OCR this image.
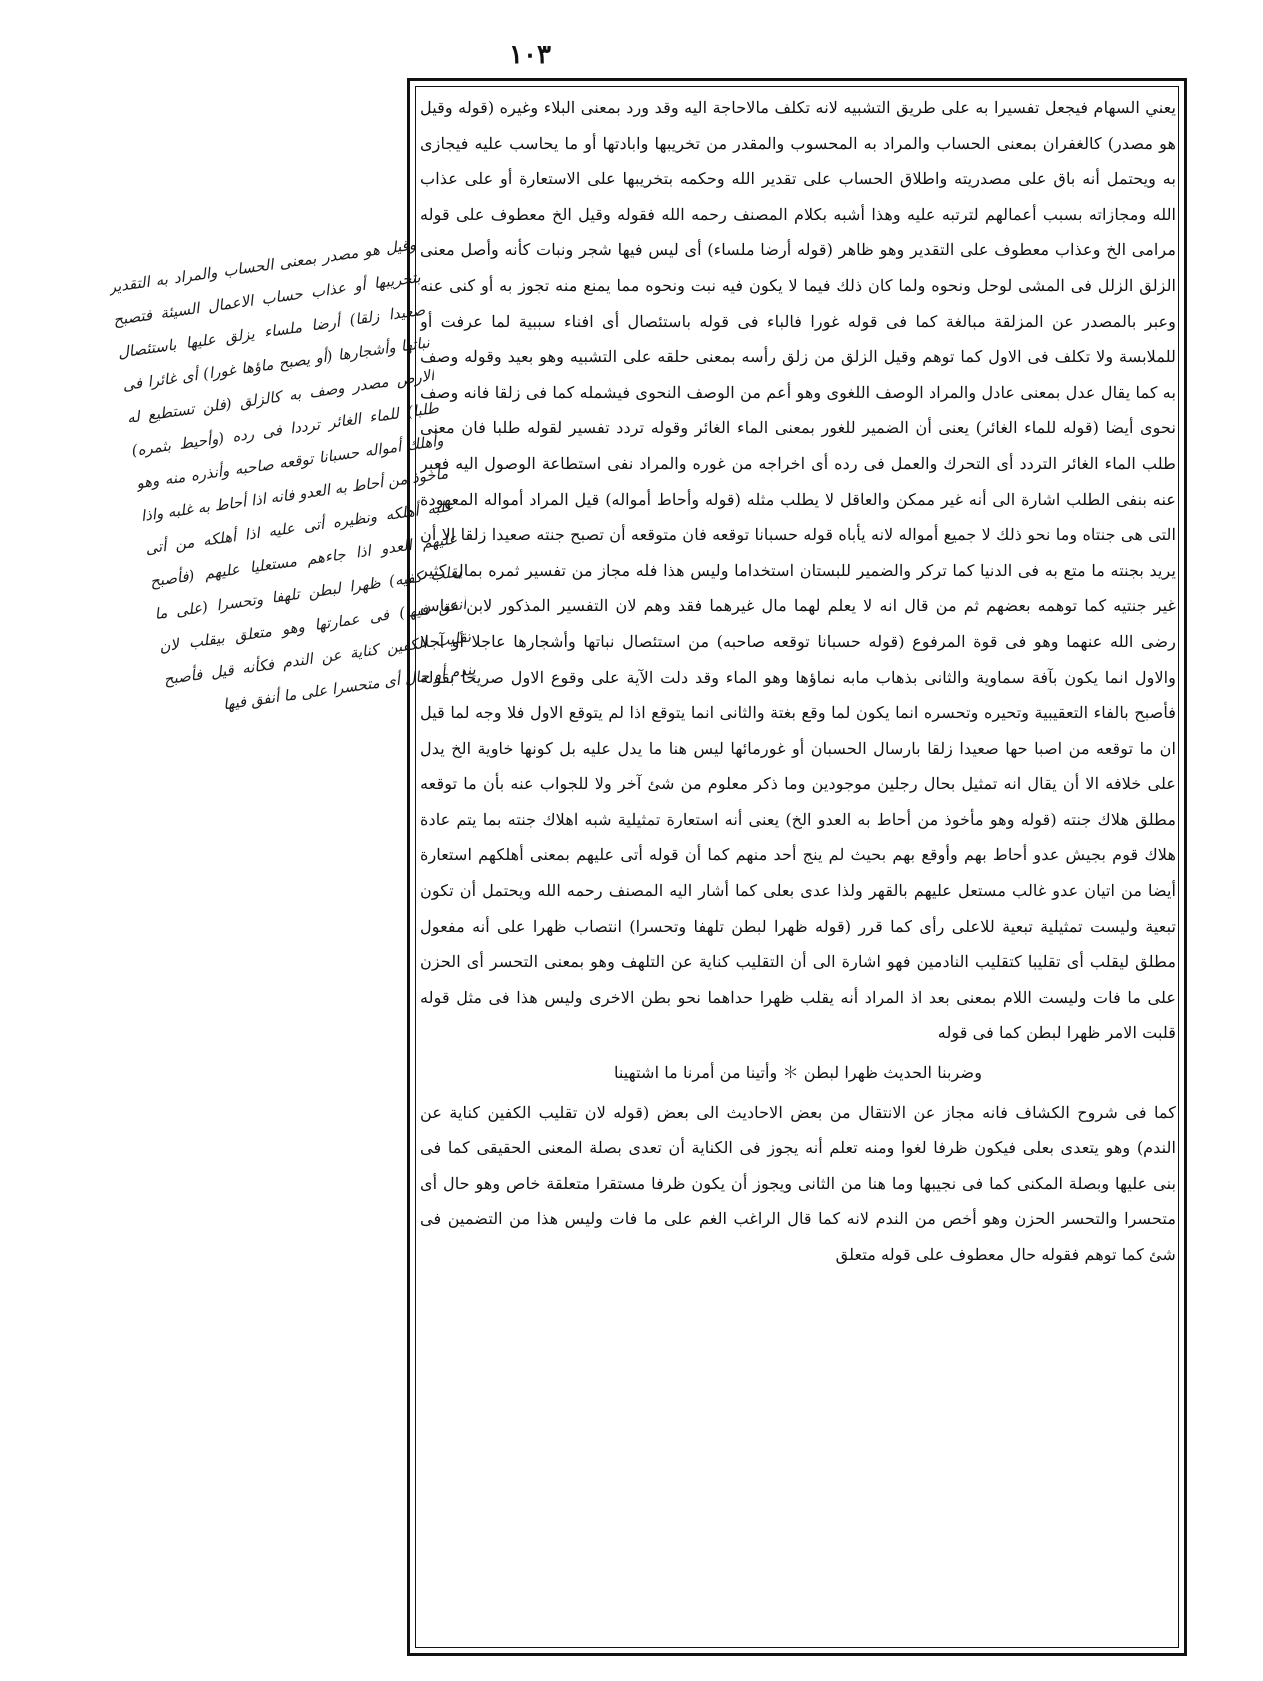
١٠٣

وقيل هو مصدر بمعنى الحساب والمراد به التقدير بتخريبها أو عذاب حساب الاعمال السيئة فتصبح صعيدا زلقا) أرضا ملساء يزلق عليها باستئصال نباتها وأشجارها (أو يصبح ماؤها غورا) أى غائرا فى الارض مصدر وصف به كالزلق (فلن تستطيع له طلبا) للماء الغائر ترددا فى رده (وأحيط بثمره) وأهلك أمواله حسبانا توقعه صاحبه وأنذره منه وهو مأخوذ من أحاط به العدو فانه اذا أحاط به غلبه واذا غلبه أهلكه ونظيره أتى عليه اذا أهلكه من أتى عليهم العدو اذا جاءهم مستعليا عليهم (فأصبح يقلب كفيه) ظهرا لبطن تلهفا وتحسرا (على ما أنفق فيها) فى عمارتها وهو متعلق بيقلب لان تقليب الكفين كناية عن الندم فكأنه قيل فأصبح يندم أو حال أى متحسرا على ما أنفق فيها

يعني السهام فيجعل تفسيرا به على طريق التشبيه لانه تكلف مالاحاجة اليه وقد ورد بمعنى البلاء وغيره (قوله وقيل هو مصدر) كالغفران بمعنى الحساب والمراد به المحسوب والمقدر من تخريبها وابادتها أو ما يحاسب عليه فيجازى به ويحتمل أنه باق على مصدريته واطلاق الحساب على تقدير الله وحكمه بتخريبها على الاستعارة أو على عذاب الله ومجازاته بسبب أعمالهم لترتبه عليه وهذا أشبه بكلام المصنف رحمه الله فقوله وقيل الخ معطوف على قوله مرامى الخ وعذاب معطوف على التقدير وهو ظاهر (قوله أرضا ملساء) أى ليس فيها شجر ونبات كأنه وأصل معنى الزلق الزلل فى المشى لوحل ونحوه ولما كان ذلك فيما لا يكون فيه نبت ونحوه مما يمنع منه تجوز به أو كنى عنه وعبر بالمصدر عن المزلقة مبالغة كما فى قوله غورا فالباء فى قوله باستئصال أى افناء سببية لما عرفت أو للملابسة ولا تكلف فى الاول كما توهم وقيل الزلق من زلق رأسه بمعنى حلقه على التشبيه وهو بعيد وقوله وصف به كما يقال عدل بمعنى عادل والمراد الوصف اللغوى وهو أعم من الوصف النحوى فيشمله كما فى زلقا فانه وصف نحوى أيضا (قوله للماء الغائر) يعنى أن الضمير للغور بمعنى الماء الغائر وقوله تردد تفسير لقوله طلبا فان معنى طلب الماء الغائر التردد أى التحرك والعمل فى رده أى اخراجه من غوره والمراد نفى استطاعة الوصول اليه فعبر عنه بنفى الطلب اشارة الى أنه غير ممكن والعاقل لا يطلب مثله (قوله وأحاط أمواله) قيل المراد أمواله المعهودة التى هى جنتاه وما نحو ذلك لا جميع أمواله لانه يأباه قوله حسبانا توقعه فان متوقعه أن تصبح جنته صعيدا زلقا الا أن يريد بجنته ما متع به فى الدنيا كما تركر والضمير للبستان استخداما وليس هذا فله مجاز من تفسير ثمره بمال كثير غير جنتيه كما توهمه بعضهم ثم من قال انه لا يعلم لهما مال غيرهما فقد وهم لان التفسير المذكور لابن عباس رضى الله عنهما وهو فى قوة المرفوع (قوله حسبانا توقعه صاحبه) من استئصال نباتها وأشجارها عاجلا أو آجلا والاول انما يكون بآفة سماوية والثانى بذهاب مابه نماؤها وهو الماء وقد دلت الآية على وقوع الاول صريحا بقوله فأصبح بالفاء التعقيبية وتحيره وتحسره انما يكون لما وقع بغتة والثانى انما يتوقع اذا لم يتوقع الاول فلا وجه لما قيل ان ما توقعه من اصبا حها صعيدا زلقا بارسال الحسبان أو غورمائها ليس هنا ما يدل عليه بل كونها خاوية الخ يدل على خلافه الا أن يقال انه تمثيل بحال رجلين موجودين وما ذكر معلوم من شئ آخر ولا للجواب عنه بأن ما توقعه مطلق هلاك جنته (قوله وهو مأخوذ من أحاط به العدو الخ) يعنى أنه استعارة تمثيلية شبه اهلاك جنته بما يتم عادة هلاك قوم بجيش عدو أحاط بهم وأوقع بهم بحيث لم ينج أحد منهم كما أن قوله أتى عليهم بمعنى أهلكهم استعارة أيضا من اتيان عدو غالب مستعل عليهم بالقهر ولذا عدى بعلى كما أشار اليه المصنف رحمه الله ويحتمل أن تكون تبعية وليست تمثيلية تبعية للاعلى رأى كما قرر (قوله ظهرا لبطن تلهفا وتحسرا) انتصاب ظهرا على أنه مفعول مطلق ليقلب أى تقليبا كتقليب النادمين فهو اشارة الى أن التقليب كناية عن التلهف وهو بمعنى التحسر أى الحزن على ما فات وليست اللام بمعنى بعد اذ المراد أنه يقلب ظهرا حداهما نحو بطن الاخرى وليس هذا فى مثل قوله قلبت الامر ظهرا لبطن كما فى قوله

وضربنا الحديث ظهرا لبطن ＊ وأتينا من أمرنا ما اشتهينا

كما فى شروح الكشاف فانه مجاز عن الانتقال من بعض الاحاديث الى بعض (قوله لان تقليب الكفين كناية عن الندم) وهو يتعدى بعلى فيكون ظرفا لغوا ومنه تعلم أنه يجوز فى الكناية أن تعدى بصلة المعنى الحقيقى كما فى بنى عليها وبصلة المكنى كما فى نجيبها وما هنا من الثانى ويجوز أن يكون ظرفا مستقرا متعلقة خاص وهو حال أى متحسرا والتحسر الحزن وهو أخص من الندم لانه كما قال الراغب الغم على ما فات وليس هذا من التضمين فى شئ كما توهم فقوله حال معطوف على قوله متعلق
